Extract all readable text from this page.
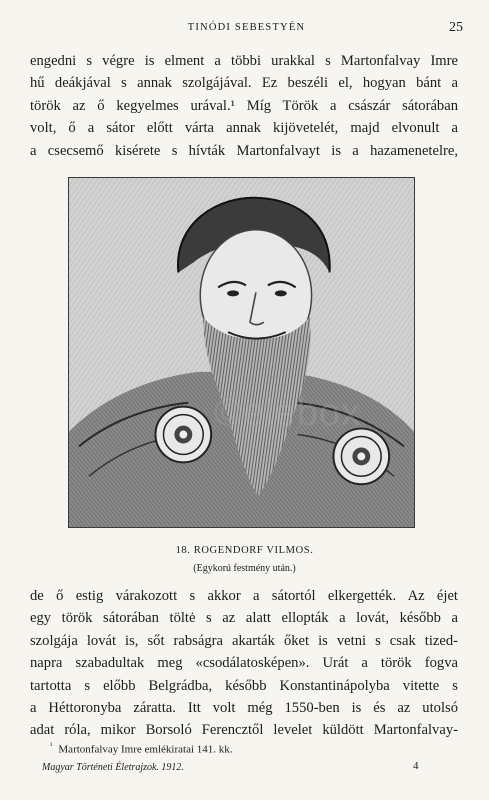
TINÓDI SEBESTYÉN	25
engedni s végre is elment a többi urakkal s Martonfalvay Imre
hű deákjával s annak szolgájával. Ez beszéli el, hogyan bánt a
török az ő kegyelmes urával.¹ Míg Török a császár sátorában
volt, ő a sátor előtt várta annak kijövetelét, majd elvonult a
a csecsemő kisérete s hívták Martonfalvayt is a hazamenetelre,
©elebox
18. ROGENDORF VILMOS.
(Egykorú festmény után.)
de ő estig várakozott s akkor a sátortól elkergették. Az éjet
egy török sátorában töltė s az alatt ellopták a lovát, később a
szolgája lovát is, sőt rabságra akarták őket is vetni s csak tized-
napra szabadultak meg «csodálatosképen». Urát a török fogva
tartotta s előbb Belgrádba, később Konstantinápolyba vitette s
a Héttoronyba záratta. Itt volt még 1550-ben is és az utolsó
adat róla, mikor Borsoló Ferencztől levelet küldött Martonfalvay-
$^{^1}$ Martonfalvay Imre emlékiratai 141. kk.
Magyar Történeti Életrajzok. 1912.	4
